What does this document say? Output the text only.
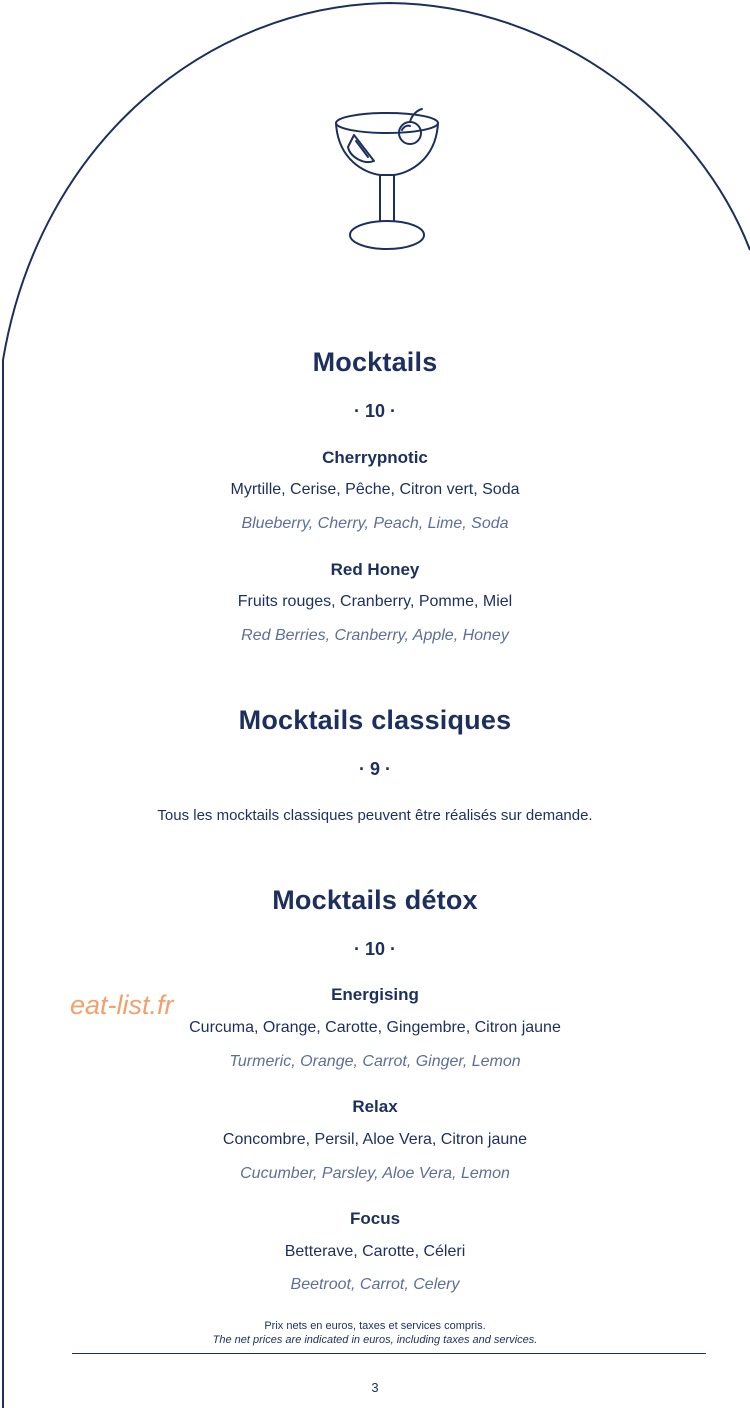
Mocktails
· 10 ·
Cherrypnotic
Myrtille, Cerise, Pêche, Citron vert, Soda
Blueberry, Cherry, Peach, Lime, Soda
Red Honey
Fruits rouges, Cranberry, Pomme, Miel
Red Berries, Cranberry, Apple, Honey
Mocktails classiques
· 9 ·
Tous les mocktails classiques peuvent être réalisés sur demande.
Mocktails détox
· 10 ·
Energising
Curcuma, Orange, Carotte, Gingembre, Citron jaune
Turmeric, Orange, Carrot, Ginger, Lemon
Relax
Concombre, Persil, Aloe Vera, Citron jaune
Cucumber, Parsley, Aloe Vera, Lemon
Focus
Betterave, Carotte, Céleri
Beetroot, Carrot, Celery
eat-list.fr
Prix nets en euros, taxes et services compris.
The net prices are indicated in euros, including taxes and services.
3
